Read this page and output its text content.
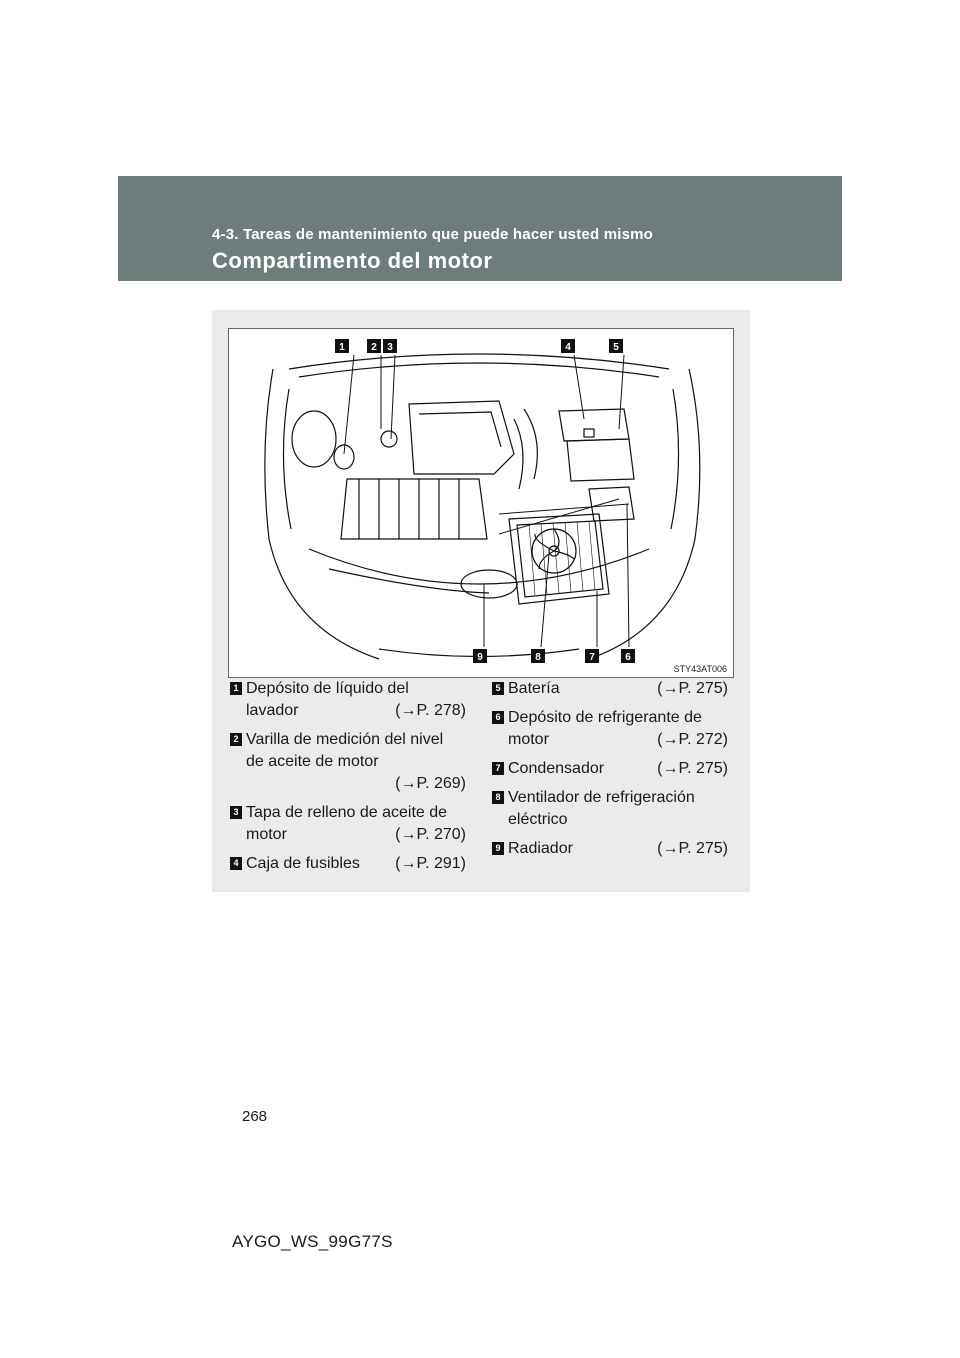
4-3. Tareas de mantenimiento que puede hacer usted mismo
Compartimento del motor
1	2 3	4	5
9	8	7	6
STY43AT006
1 Depósito de líquido del
lavador	(→P. 278)
2 Varilla de medición del nivel
de aceite de motor
(→P. 269)
3 Tapa de relleno de aceite de
motor	(→P. 270)
4 Caja de fusibles (→P. 291)
5 Batería	(→P. 275)
6 Depósito de refrigerante de
motor	(→P. 272)
7 Condensador	(→P. 275)
8 Ventilador de refrigeración
eléctrico
9 Radiador	(→P. 275)
268
AYGO_WS_99G77S
